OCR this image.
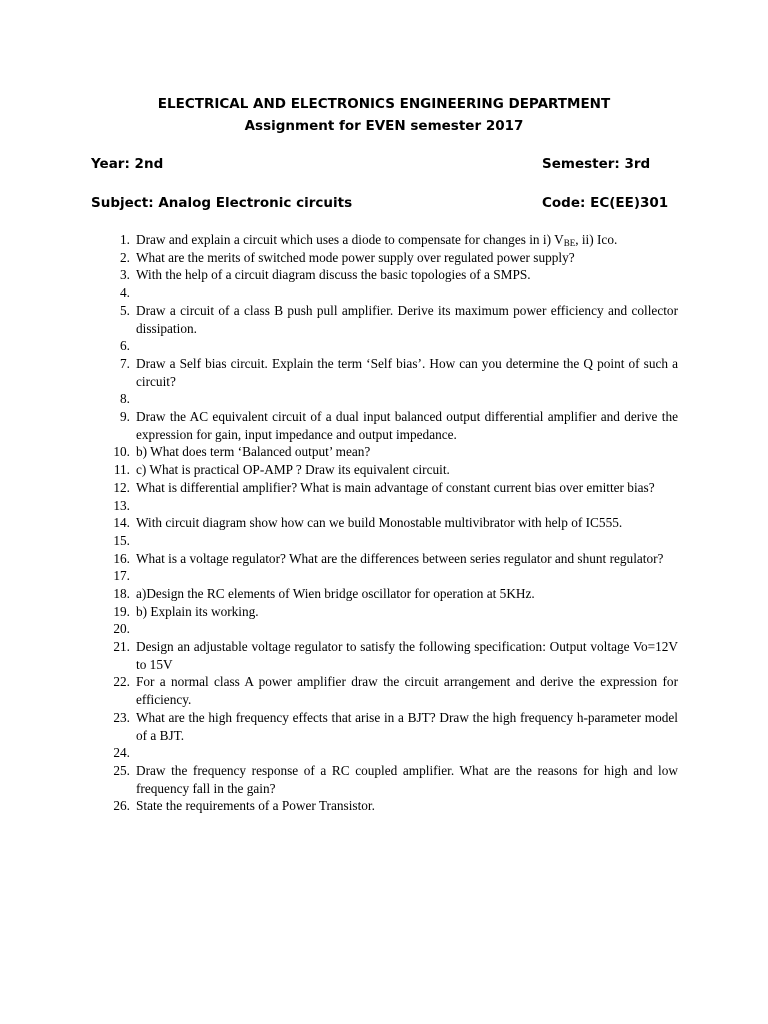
ELECTRICAL AND ELECTRONICS ENGINEERING DEPARTMENT
Assignment for EVEN semester 2017
Year: 2nd	Semester: 3rd
Subject: Analog Electronic circuits	Code: EC(EE)301
1. Draw and explain a circuit which uses a diode to compensate for changes in i) $V_{BE}$, ii) Ico.
2. What are the merits of switched mode power supply over regulated power supply?
3. With the help of a circuit diagram discuss the basic topologies of a SMPS.
4.
5. Draw a circuit of a class B push pull amplifier. Derive its maximum power efficiency and collector dissipation.
6.
7. Draw a Self bias circuit. Explain the term ‘Self bias’. How can you determine the Q point of such a circuit?
8.
9. Draw the AC equivalent circuit of a dual input balanced output differential amplifier and derive the expression for gain, input impedance and output impedance.
10. b) What does term ‘Balanced output’ mean?
11. c) What is practical OP-AMP ? Draw its equivalent circuit.
12. What is differential amplifier? What is main advantage of constant current bias over emitter bias?
13.
14. With circuit diagram show how can we build Monostable multivibrator with help of IC555.
15.
16. What is a voltage regulator? What are the differences between series regulator and shunt regulator?
17.
18. a)Design the RC elements of Wien bridge oscillator for operation at 5KHz.
19. b) Explain its working.
20.
21. Design an adjustable voltage regulator to satisfy the following specification: Output voltage Vo=12V to 15V
22. For a normal class A power amplifier draw the circuit arrangement and derive the expression for efficiency.
23. What are the high frequency effects that arise in a BJT? Draw the high frequency h-parameter model of a BJT.
24.
25. Draw the frequency response of a RC coupled amplifier. What are the reasons for high and low frequency fall in the gain?
26. State the requirements of a Power Transistor.
